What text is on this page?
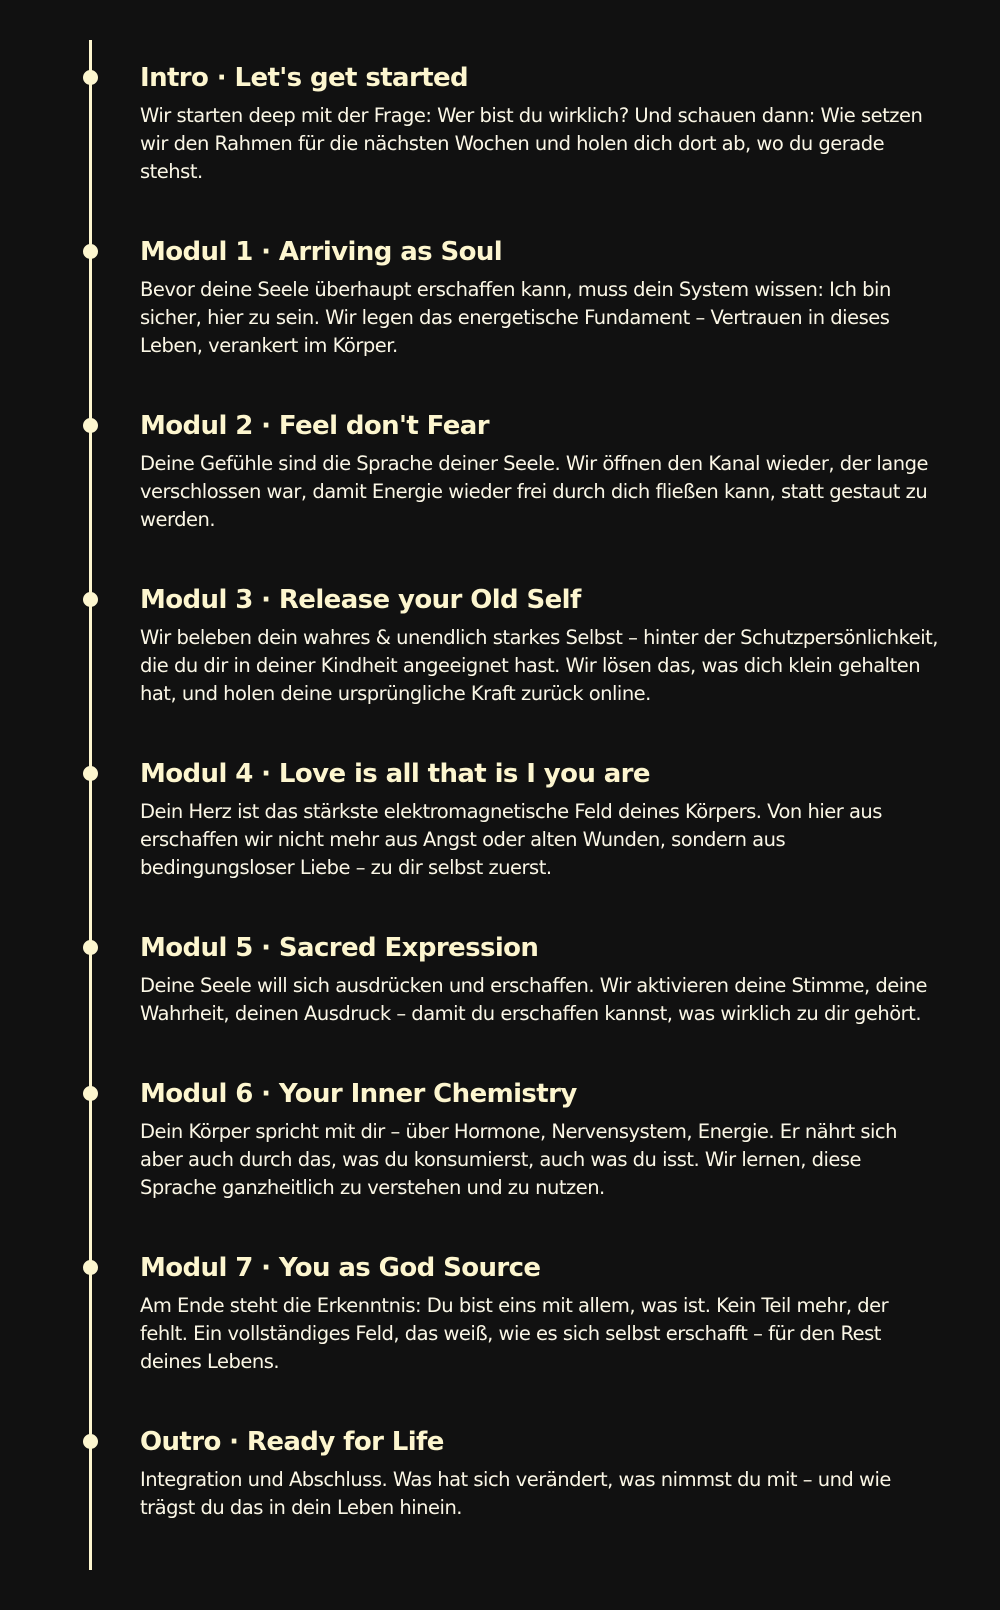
Intro · Let's get started

Wir starten deep mit der Frage: Wer bist du wirklich? Und schauen dann: Wie setzen wir den Rahmen für die nächsten Wochen und holen dich dort ab, wo du gerade stehst.

Modul 1 · Arriving as Soul

Bevor deine Seele überhaupt erschaffen kann, muss dein System wissen: Ich bin sicher, hier zu sein. Wir legen das energetische Fundament – Vertrauen in dieses Leben, verankert im Körper.

Modul 2 · Feel don't Fear

Deine Gefühle sind die Sprache deiner Seele. Wir öffnen den Kanal wieder, der lange verschlossen war, damit Energie wieder frei durch dich fließen kann, statt gestaut zu werden.

Modul 3 · Release your Old Self

Wir beleben dein wahres & unendlich starkes Selbst – hinter der Schutzpersönlichkeit, die du dir in deiner Kindheit angeeignet hast. Wir lösen das, was dich klein gehalten hat, und holen deine ursprüngliche Kraft zurück online.

Modul 4 · Love is all that is I you are

Dein Herz ist das stärkste elektromagnetische Feld deines Körpers. Von hier aus erschaffen wir nicht mehr aus Angst oder alten Wunden, sondern aus bedingungsloser Liebe – zu dir selbst zuerst.

Modul 5 · Sacred Expression

Deine Seele will sich ausdrücken und erschaffen. Wir aktivieren deine Stimme, deine Wahrheit, deinen Ausdruck – damit du erschaffen kannst, was wirklich zu dir gehört.

Modul 6 · Your Inner Chemistry

Dein Körper spricht mit dir – über Hormone, Nervensystem, Energie. Er nährt sich aber auch durch das, was du konsumierst, auch was du isst. Wir lernen, diese Sprache ganzheitlich zu verstehen und zu nutzen.

Modul 7 · You as God Source

Am Ende steht die Erkenntnis: Du bist eins mit allem, was ist. Kein Teil mehr, der fehlt. Ein vollständiges Feld, das weiß, wie es sich selbst erschafft – für den Rest deines Lebens.

Outro · Ready for Life

Integration und Abschluss. Was hat sich verändert, was nimmst du mit – und wie trägst du das in dein Leben hinein.
